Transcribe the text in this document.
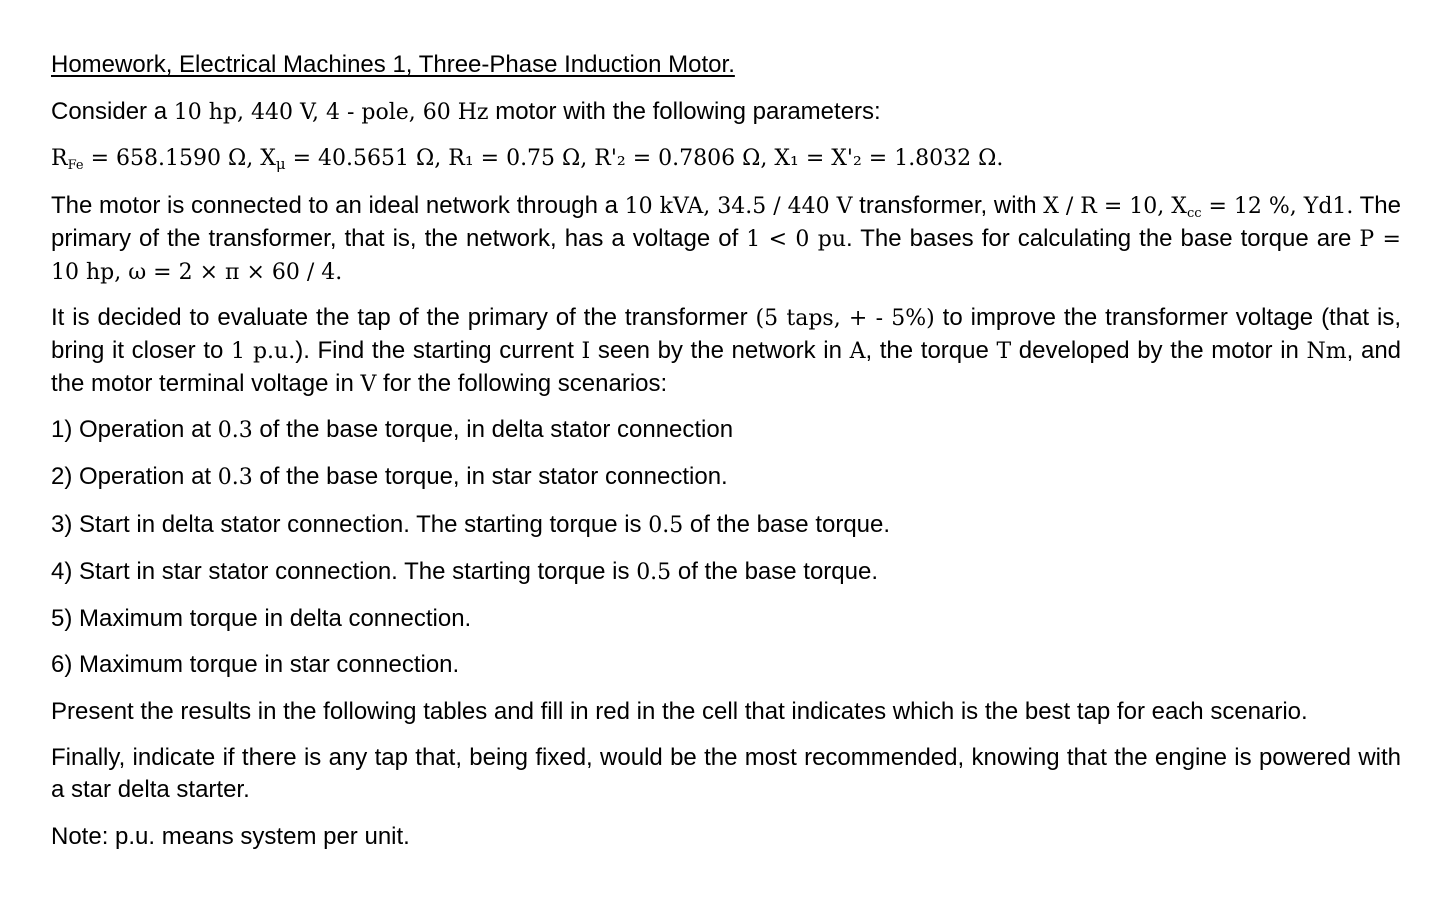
Homework, Electrical Machines 1, Three-Phase Induction Motor.

Consider a 10 hp, 440 V, 4 - pole, 60 Hz motor with the following parameters:

$R_{Fe} = 658.1590$ Ω, $X_\mu = 40.5651$ Ω, R₁ = 0.75 Ω, R'₂ = 0.7806 Ω, X₁ = X'₂ = 1.8032 Ω.

The motor is connected to an ideal network through a 10 kVA, 34.5 / 440 V transformer, with X / R = 10, $X_{cc} = 12$ %, Yd1. The primary of the transformer, that is, the network, has a voltage of 1 < 0 pu. The bases for calculating the base torque are P = 10 hp, ω = 2 × π × 60 / 4.

It is decided to evaluate the tap of the primary of the transformer (5 taps, + - 5%) to improve the transformer voltage (that is, bring it closer to 1 p.u.). Find the starting current I seen by the network in A, the torque T developed by the motor in Nm, and the motor terminal voltage in V for the following scenarios:

1) Operation at 0.3 of the base torque, in delta stator connection

2) Operation at 0.3 of the base torque, in star stator connection.

3) Start in delta stator connection. The starting torque is 0.5 of the base torque.

4) Start in star stator connection. The starting torque is 0.5 of the base torque.

5) Maximum torque in delta connection.

6) Maximum torque in star connection.

Present the results in the following tables and fill in red in the cell that indicates which is the best tap for each scenario.

Finally, indicate if there is any tap that, being fixed, would be the most recommended, knowing that the engine is powered with a star delta starter.

Note: p.u. means system per unit.
